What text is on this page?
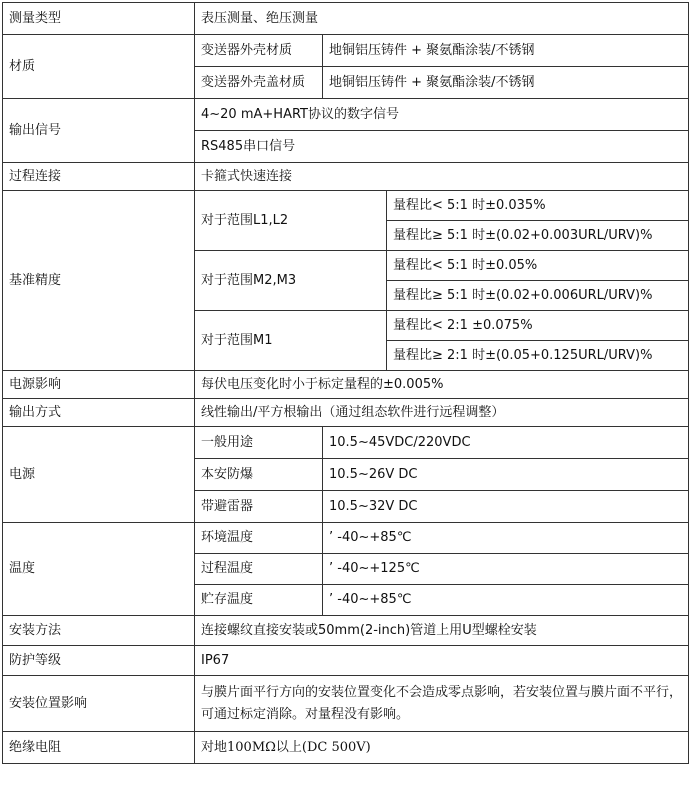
测量类型	表压测量、绝压测量		
材质	变送器外壳材质	地铜铝压铸件 + 聚氨酯涂装/不锈钢	
	变送器外壳盖材质	地铜铝压铸件 + 聚氨酯涂装/不锈钢	
输出信号	4~20 mA+HART协议的数字信号		
	RS485串口信号		
过程连接	卡箍式快速连接		
基准精度	对于范围L1,L2		量程比< 5:1 时±0.035%
			量程比≥ 5:1 时±(0.02+0.003URL/URV)%
	对于范围M2,M3		量程比< 5:1 时±0.05%
			量程比≥ 5:1 时±(0.02+0.006URL/URV)%
	对于范围M1		量程比< 2:1 ±0.075%
			量程比≥ 2:1 时±(0.05+0.125URL/URV)%
电源影响	每伏电压变化时小于标定量程的±0.005%		
输出方式	线性输出/平方根输出（通过组态软件进行远程调整）		
电源	一般用途	10.5~45VDC/220VDC	
	本安防爆	10.5~26V DC	
	带避雷器	10.5~32V DC	
温度	环境温度	’ -40~+85℃	
	过程温度	’ -40~+125℃	
	贮存温度	’ -40~+85℃	
安装方法	连接螺纹直接安装或50mm(2-inch)管道上用U型螺栓安装		
防护等级	IP67		
安装位置影响	与膜片面平行方向的安装位置变化不会造成零点影响，若安装位置与膜片面不平行，可通过标定消除。对量程没有影响。		
绝缘电阻	对地100MΩ以上(DC 500V)		
